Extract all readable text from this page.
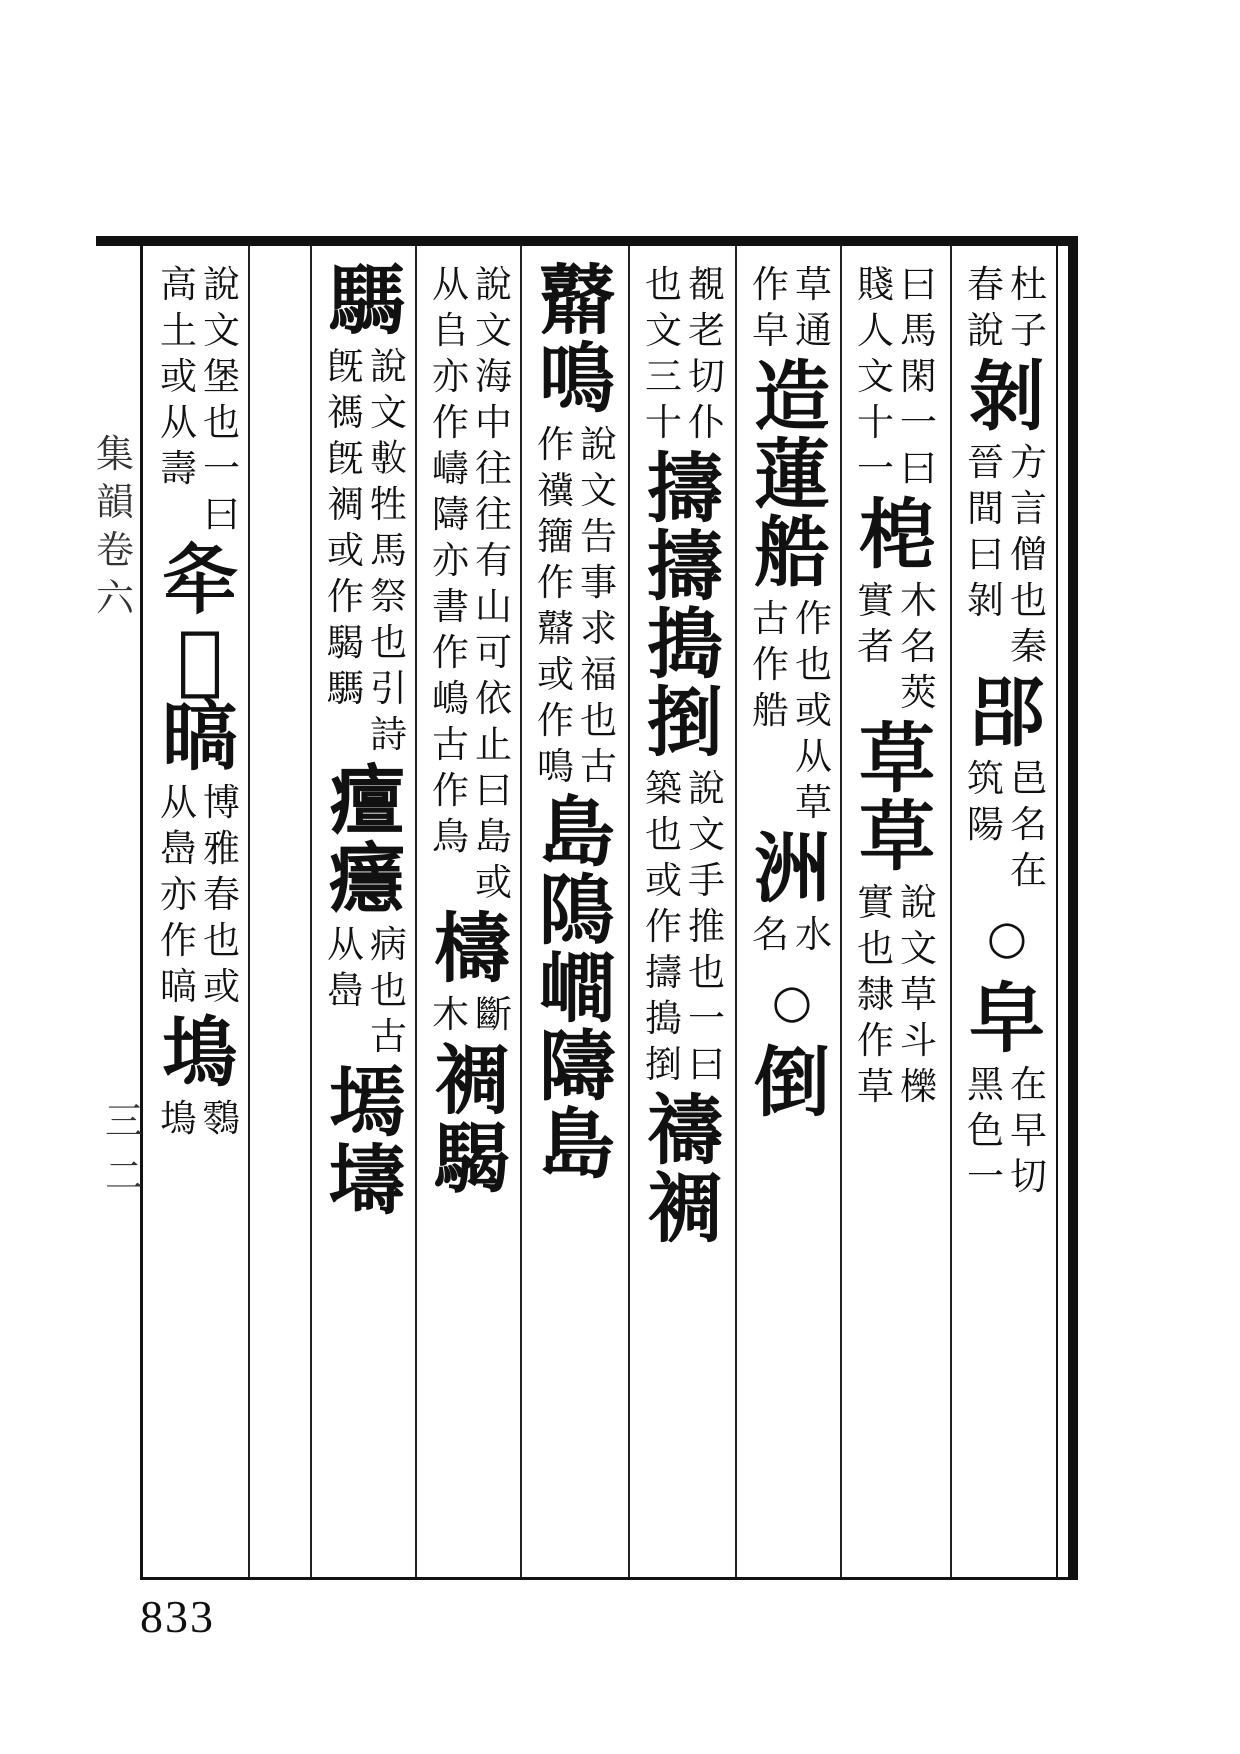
集韻卷六
三二
833
杜
子
春
說
剝
方
言
僧
也
秦
晉
間
曰
剝
郘
邑
名
在
筑
陽
○
皁
在
早
切
黑
色
一
曰
馬
閑
一
曰
賤
人
文
十
一
梍
木
名
莢
實
者
草
草
說
文
草
斗
櫟
實
也
隸
作
草
草
通
作
皁
造
蓮
艁
作
也
或
从
草
古
作
艁
洲
水
名
○
倒
覩
老
切
仆
也
文
三
十
擣
擣
搗
捯
說
文
手
推
也
一
曰
築
也
或
作
擣
搗
捯
禱
裯
鼘
鳴
說
文
告
事
求
福
也
古
作
𥜥
籒
作
鼘
或
作
鳴
島
隝
𡼏
隯
島
說
文
海
中
往
往
有
山
可
依
止
曰
島
或
从
𠂤
亦
作
嶹
隯
亦
書
作
嶋
古
作
鳥
檮
斷
木
裯
騔
騳
說
文
𢾭
牲
馬
祭
也
引
詩
旣
禡
旣
裯
或
作
騔
騳
𤺺
𤻘
病
也
古
从
㠀
墕
壔
說
文
堡
也
一
曰
高
土
或
从
壽
𡕘
𡖉
𣉞
博
雅
春
也
或
从
㠀
亦
作
𣉞
䲧
䴇
䲧
